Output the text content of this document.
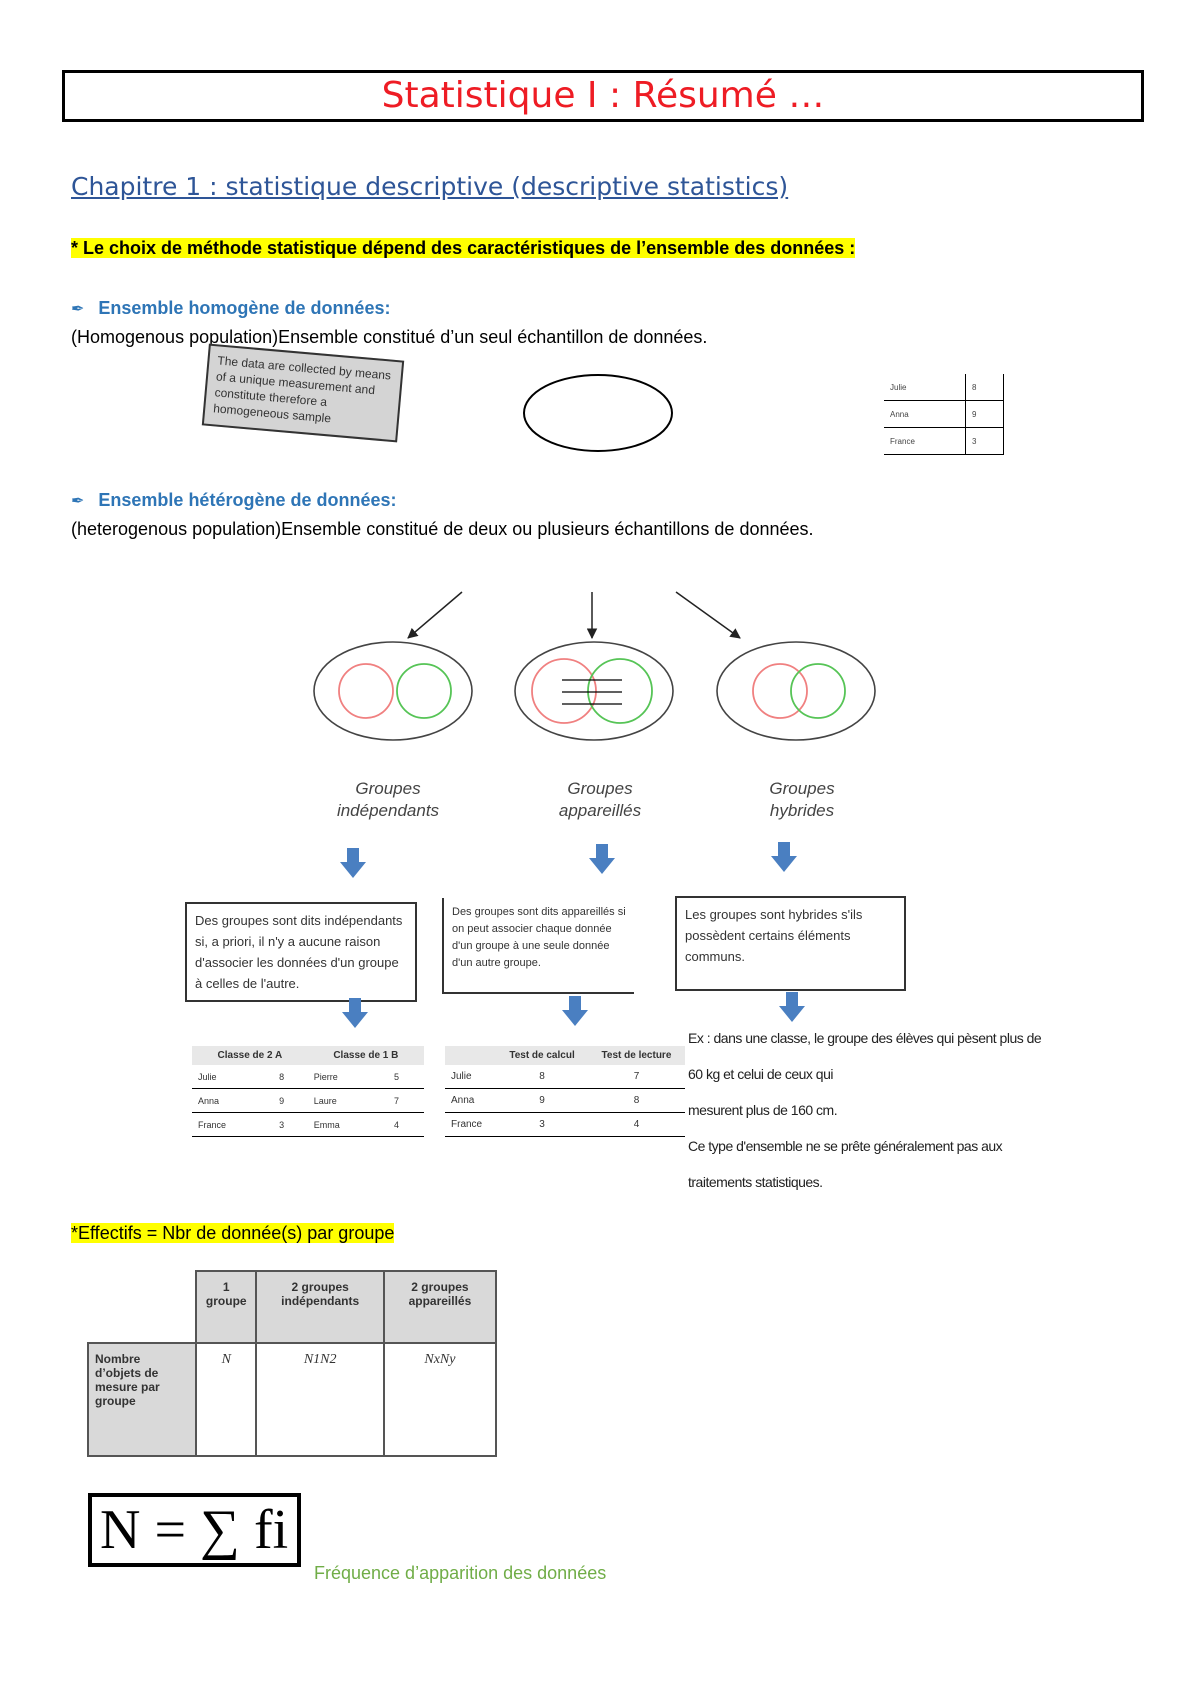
Statistique I : Résumé …
Chapitre 1 : statistique descriptive (descriptive statistics)
* Le choix de méthode statistique dépend des caractéristiques de l’ensemble des données :
✒ Ensemble homogène de données:
(Homogenous population)Ensemble constitué d’un seul échantillon de données.
The data are collected by means of a unique measurement and constitute therefore a homogeneous sample
Julie	8
Anna	9
France	3
✒ Ensemble hétérogène de données:
(heterogenous population)Ensemble constitué de deux ou plusieurs échantillons de données.
Groupes
indépendants
Groupes
appareillés
Groupes
hybrides
Des groupes sont dits indépendants si, a priori, il n'y a aucune raison d'associer les données d'un groupe à celles de l'autre.
Des groupes sont dits appareillés si on peut associer chaque donnée d'un groupe à une seule donnée d'un autre groupe.
Les groupes sont hybrides s'ils possèdent certains éléments communs.
Classe de 2 A		Classe de 1 B	
Julie	8	Pierre	5
Anna	9	Laure	7
France	3	Emma	4
	Test de calcul	Test de lecture
Julie	8	7
Anna	9	8
France	3	4
Ex : dans une classe, le groupe des élèves qui pèsent plus de 60 kg et celui de ceux qui
mesurent plus de 160 cm.
Ce type d'ensemble ne se prête généralement pas aux traitements statistiques.
*Effectifs = Nbr de donnée(s) par groupe
	1 groupe	2 groupes indépendants	2 groupes appareillés
Nombre d’objets de mesure par groupe	N	N1N2	NxNy
N = ∑ fi
Fréquence d’apparition des données
